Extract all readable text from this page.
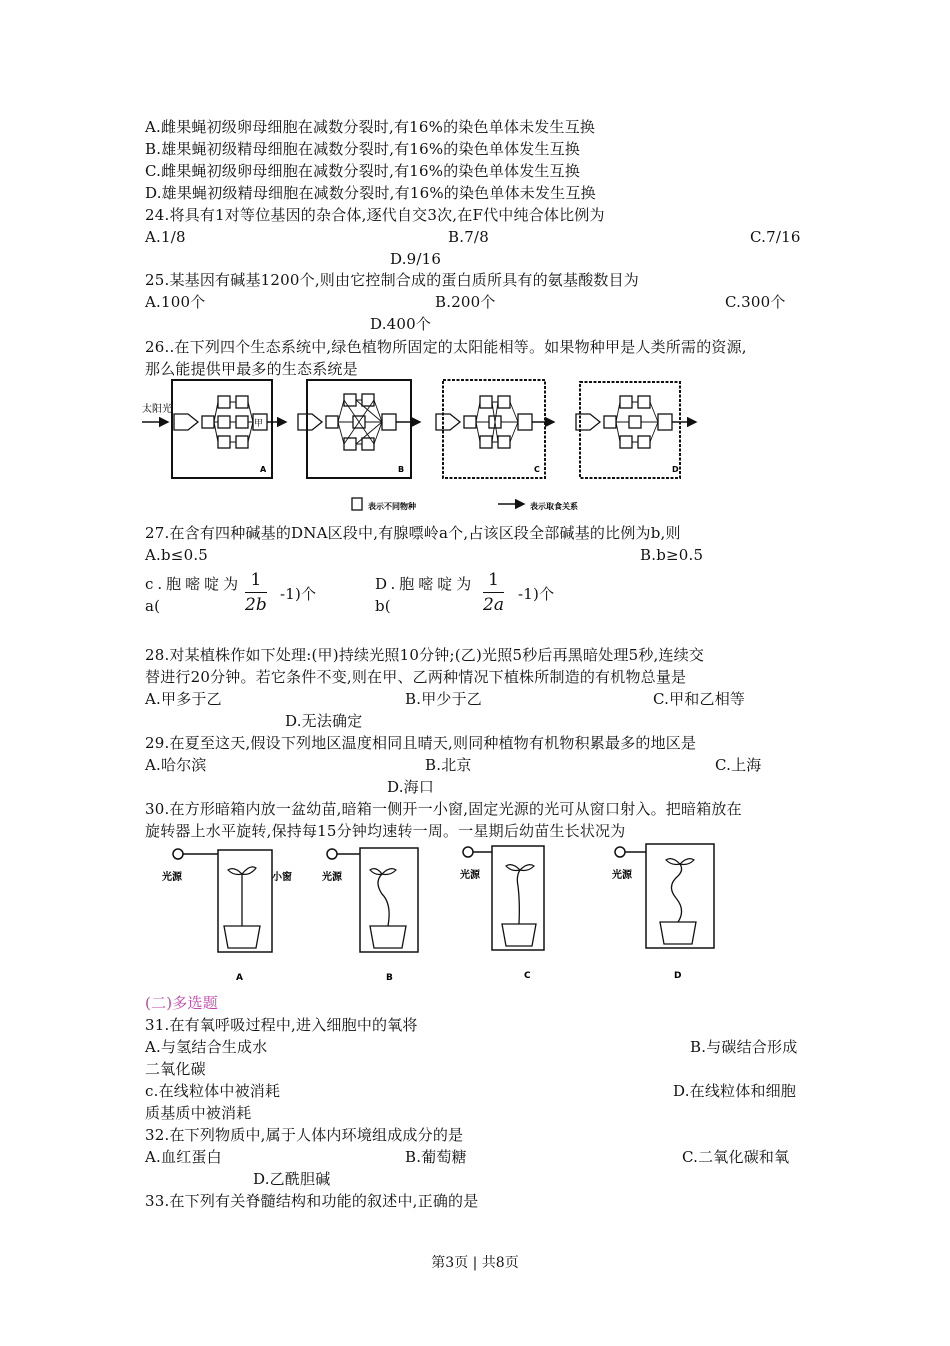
A.雌果蝇初级卵母细胞在减数分裂时,有16%的染色单体未发生互换
B.雄果蝇初级精母细胞在减数分裂时,有16%的染色单体发生互换
C.雌果蝇初级卵母细胞在减数分裂时,有16%的染色单体发生互换
D.雄果蝇初级精母细胞在减数分裂时,有16%的染色单体未发生互换
24.将具有1对等位基因的杂合体,逐代自交3次,在F代中纯合体比例为
A.1/8	B.7/8	C.7/16
D.9/16
25.某基因有碱基1200个,则由它控制合成的蛋白质所具有的氨基酸数目为
A.100个	B.200个	C.300个
D.400个
26..在下列四个生态系统中,绿色植物所固定的太阳能相等。如果物种甲是人类所需的资源,
那么能提供甲最多的生态系统是
太阳光
甲
A	B	C	D
表示不同物种	表示取食关系
27.在含有四种碱基的DNA区段中,有腺嘌岭a个,占该区段全部碱基的比例为b,则
A.b≤0.5	B.b≥0.5
c.胞嘧啶为
a(	$\frac{1}{2b} -1$)个
D.胞嘧啶为
b(	$\frac{1}{2a} -1$)个
28.对某植株作如下处理:(甲)持续光照10分钟;(乙)光照5秒后再黑暗处理5秒,连续交
替进行20分钟。若它条件不变,则在甲、乙两种情况下植株所制造的有机物总量是
A.甲多于乙	B.甲少于乙	C.甲和乙相等
D.无法确定
29.在夏至这天,假设下列地区温度相同且晴天,则同种植物有机物积累最多的地区是
A.哈尔滨	B.北京	C.上海
D.海口
30.在方形暗箱内放一盆幼苗,暗箱一侧开一小窗,固定光源的光可从窗口射入。把暗箱放在
旋转器上水平旋转,保持每15分钟均速转一周。一星期后幼苗生长状况为
光源	小窗
A
光源
B
光源
C
光源
D
(二)多选题
31.在有氧呼吸过程中,进入细胞中的氧将
A.与氢结合生成水	B.与碳结合形成
二氧化碳
c.在线粒体中被消耗	D.在线粒体和细胞
质基质中被消耗
32.在下列物质中,属于人体内环境组成成分的是
A.血红蛋白	B.葡萄糖	C.二氧化碳和氧
D.乙酰胆碱
33.在下列有关脊髓结构和功能的叙述中,正确的是
第3页 | 共8页
